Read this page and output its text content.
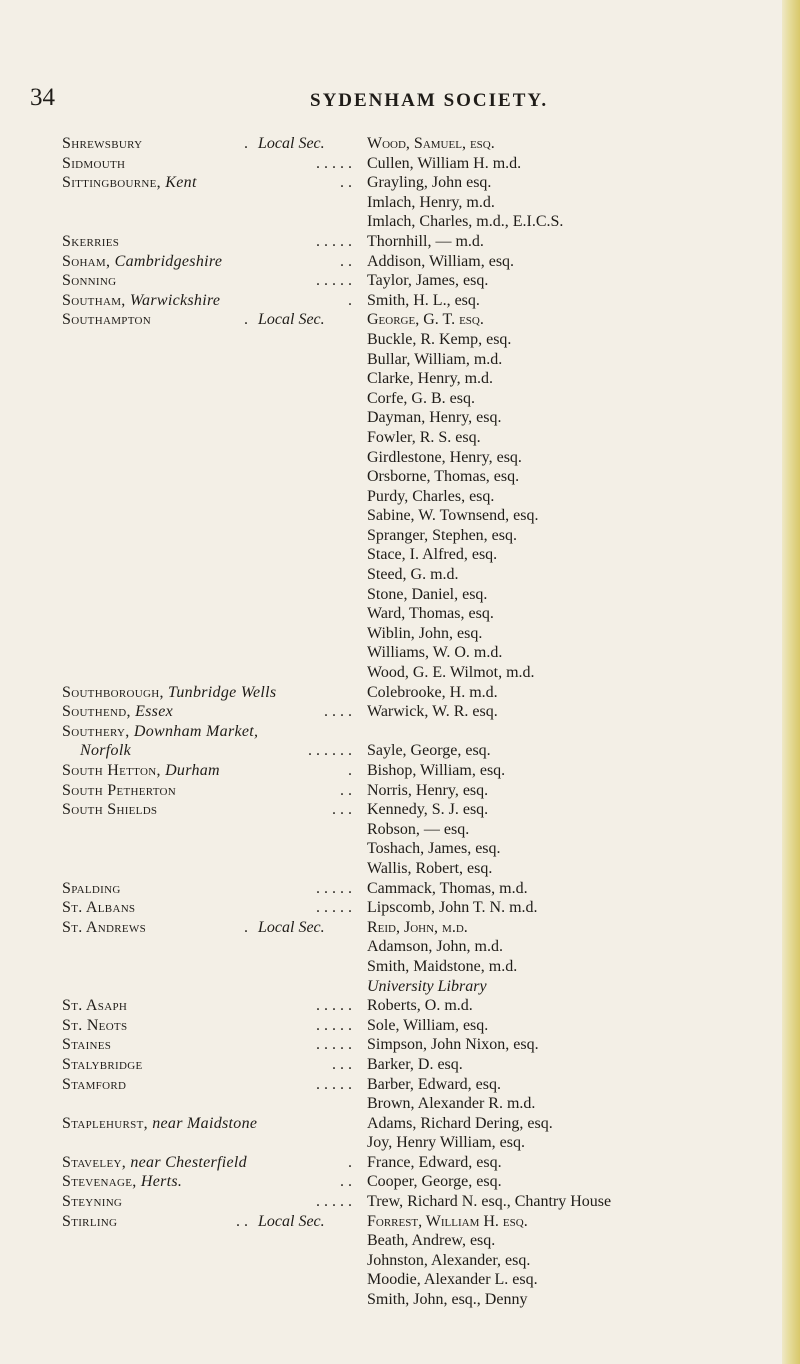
34	SYDENHAM SOCIETY.
Shrewsbury	. Local Sec.	Wood, Samuel, esq.
Sidmouth	. . . . . Cullen, William H. m.d.
Sittingbourne, Kent	. . Grayling, John esq.
Imlach, Henry, m.d.
Imlach, Charles, m.d., E.I.C.S.
Skerries	. . . . . Thornhill, — m.d.
Soham, Cambridgeshire	. . Addison, William, esq.
Sonning	. . . . . Taylor, James, esq.
Southam, Warwickshire	. Smith, H. L., esq.
Southampton	. Local Sec.	George, G. T. esq.
Buckle, R. Kemp, esq.
Bullar, William, m.d.
Clarke, Henry, m.d.
Corfe, G. B. esq.
Dayman, Henry, esq.
Fowler, R. S. esq.
Girdlestone, Henry, esq.
Orsborne, Thomas, esq.
Purdy, Charles, esq.
Sabine, W. Townsend, esq.
Spranger, Stephen, esq.
Stace, I. Alfred, esq.
Steed, G. m.d.
Stone, Daniel, esq.
Ward, Thomas, esq.
Wiblin, John, esq.
Williams, W. O. m.d.
Wood, G. E. Wilmot, m.d.
Southborough, Tunbridge Wells	Colebrooke, H. m.d.
Southend, Essex	. . . . Warwick, W. R. esq.
Southery, Downham Market,
Norfolk	. . . . . . Sayle, George, esq.
South Hetton, Durham	. Bishop, William, esq.
South Petherton	. . Norris, Henry, esq.
South Shields	. . . Kennedy, S. J. esq.
Robson, — esq.
Toshach, James, esq.
Wallis, Robert, esq.
Spalding	. . . . . Cammack, Thomas, m.d.
St. Albans	. . . . . Lipscomb, John T. N. m.d.
St. Andrews	. Local Sec.	Reid, John, m.d.
Adamson, John, m.d.
Smith, Maidstone, m.d.
University Library
St. Asaph	. . . . . Roberts, O. m.d.
St. Neots	. . . . . Sole, William, esq.
Staines	. . . . . Simpson, John Nixon, esq.
Stalybridge	. . . Barker, D. esq.
Stamford	. . . . . Barber, Edward, esq.
Brown, Alexander R. m.d.
Staplehurst, near Maidstone	Adams, Richard Dering, esq.
Joy, Henry William, esq.
Staveley, near Chesterfield	. France, Edward, esq.
Stevenage, Herts.	. . Cooper, George, esq.
Steyning	. . . . . Trew, Richard N. esq., Chantry House
Stirling	. . Local Sec.	Forrest, William H. esq.
Beath, Andrew, esq.
Johnston, Alexander, esq.
Moodie, Alexander L. esq.
Smith, John, esq., Denny
